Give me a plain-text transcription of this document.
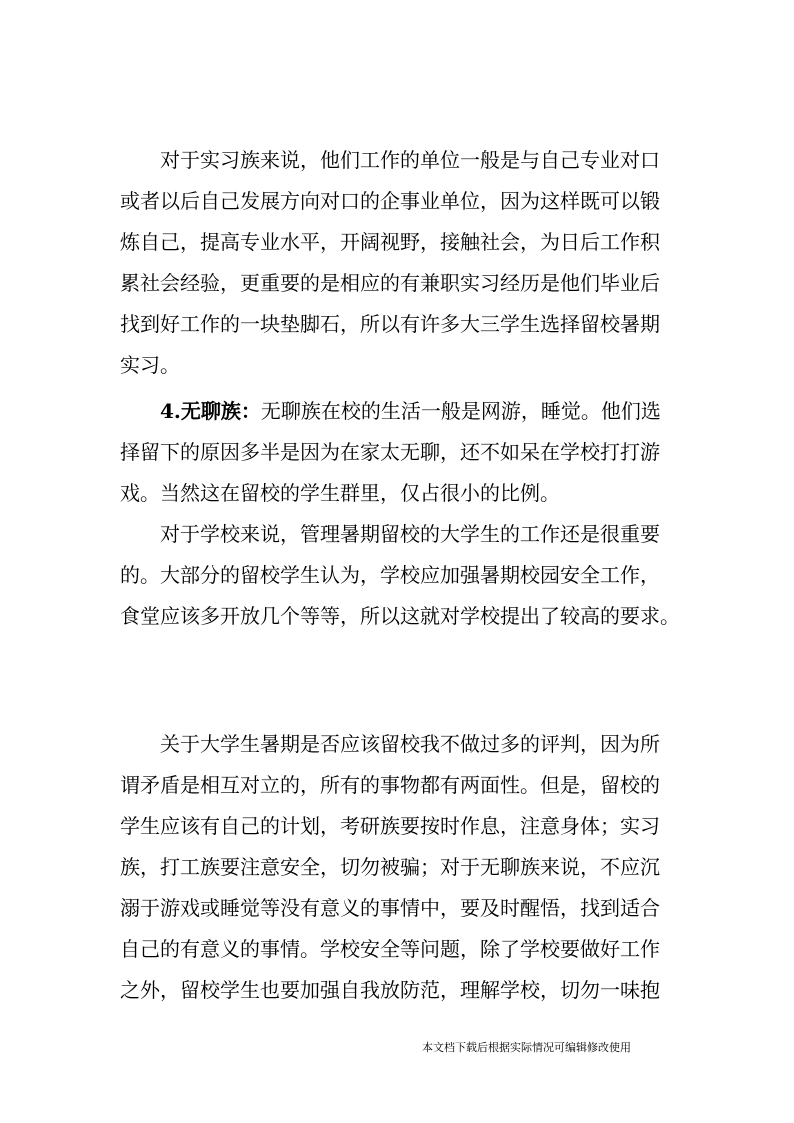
对于实习族来说，他们工作的单位一般是与自己专业对口
或者以后自己发展方向对口的企事业单位，因为这样既可以锻
炼自己，提高专业水平，开阔视野，接触社会，为日后工作积
累社会经验，更重要的是相应的有兼职实习经历是他们毕业后
找到好工作的一块垫脚石，所以有许多大三学生选择留校暑期
实习。
4.无聊族：无聊族在校的生活一般是网游，睡觉。他们选
择留下的原因多半是因为在家太无聊，还不如呆在学校打打游
戏。当然这在留校的学生群里，仅占很小的比例。
对于学校来说，管理暑期留校的大学生的工作还是很重要
的。大部分的留校学生认为，学校应加强暑期校园安全工作，
食堂应该多开放几个等等，所以这就对学校提出了较高的要求。
关于大学生暑期是否应该留校我不做过多的评判，因为所
谓矛盾是相互对立的，所有的事物都有两面性。但是，留校的
学生应该有自己的计划，考研族要按时作息，注意身体；实习
族，打工族要注意安全，切勿被骗；对于无聊族来说，不应沉
溺于游戏或睡觉等没有意义的事情中，要及时醒悟，找到适合
自己的有意义的事情。学校安全等问题，除了学校要做好工作
之外，留校学生也要加强自我放防范，理解学校，切勿一味抱
本文档下载后根据实际情况可编辑修改使用
